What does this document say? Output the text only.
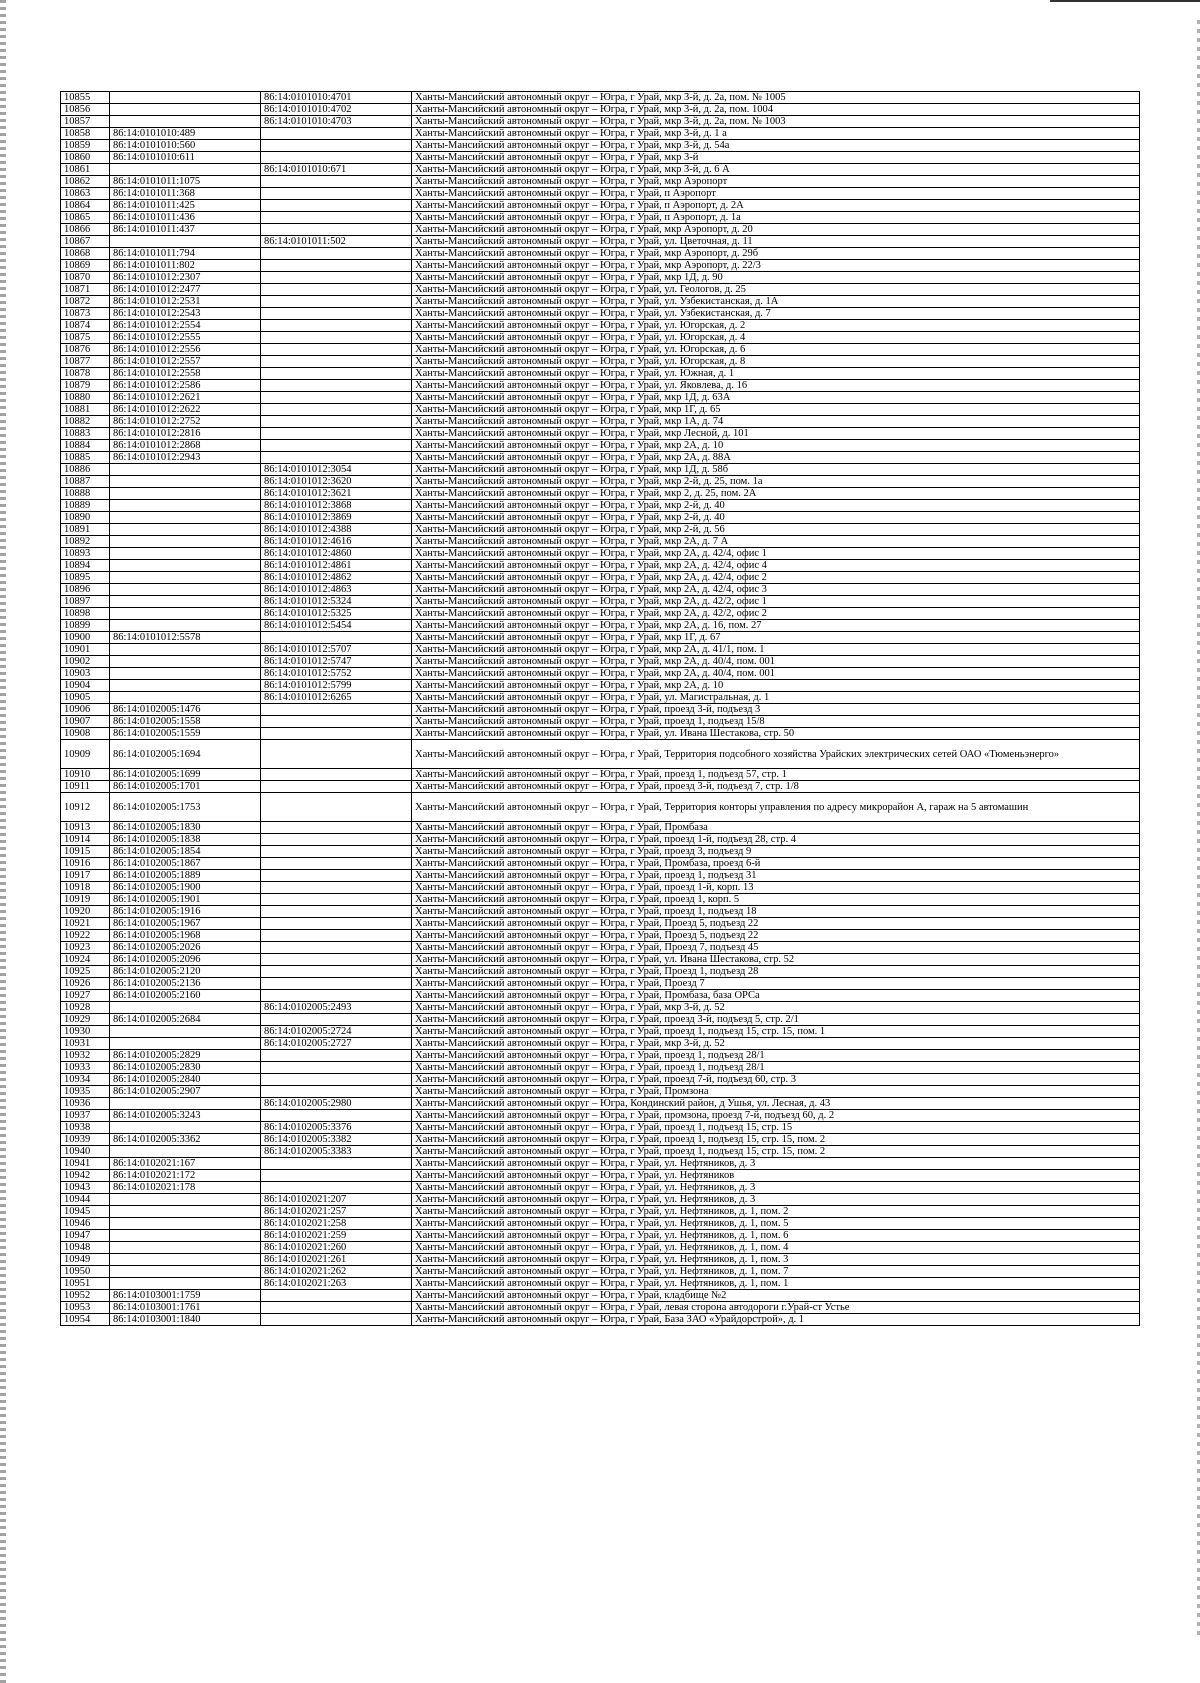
10855		86:14:0101010:4701	Ханты-Мансийский автономный округ – Югра, г Урай, мкр 3-й, д. 2а, пом. № 1005
10856		86:14:0101010:4702	Ханты-Мансийский автономный округ – Югра, г Урай, мкр 3-й, д. 2а, пом. 1004
10857		86:14:0101010:4703	Ханты-Мансийский автономный округ – Югра, г Урай, мкр 3-й, д. 2а, пом. № 1003
10858	86:14:0101010:489		Ханты-Мансийский автономный округ – Югра, г Урай, мкр 3-й, д. 1 а
10859	86:14:0101010:560		Ханты-Мансийский автономный округ – Югра, г Урай, мкр 3-й, д. 54а
10860	86:14:0101010:611		Ханты-Мансийский автономный округ – Югра, г Урай, мкр 3-й
10861		86:14:0101010:671	Ханты-Мансийский автономный округ – Югра, г Урай, мкр 3-й, д. 6 А
10862	86:14:0101011:1075		Ханты-Мансийский автономный округ – Югра, г Урай, мкр Аэропорт
10863	86:14:0101011:368		Ханты-Мансийский автономный округ – Югра, г Урай, п Аэропорт
10864	86:14:0101011:425		Ханты-Мансийский автономный округ – Югра, г Урай, п Аэропорт, д. 2А
10865	86:14:0101011:436		Ханты-Мансийский автономный округ – Югра, г Урай, п Аэропорт, д. 1а
10866	86:14:0101011:437		Ханты-Мансийский автономный округ – Югра, г Урай, мкр Аэропорт, д. 20
10867		86:14:0101011:502	Ханты-Мансийский автономный округ – Югра, г Урай, ул. Цветочная, д. 11
10868	86:14:0101011:794		Ханты-Мансийский автономный округ – Югра, г Урай, мкр Аэропорт, д. 29б
10869	86:14:0101011:802		Ханты-Мансийский автономный округ – Югра, г Урай, мкр Аэропорт, д. 22/3
10870	86:14:0101012:2307		Ханты-Мансийский автономный округ – Югра, г Урай, мкр 1Д, д. 90
10871	86:14:0101012:2477		Ханты-Мансийский автономный округ – Югра, г Урай, ул. Геологов, д. 25
10872	86:14:0101012:2531		Ханты-Мансийский автономный округ – Югра, г Урай, ул. Узбекистанская, д. 1А
10873	86:14:0101012:2543		Ханты-Мансийский автономный округ – Югра, г Урай, ул. Узбекистанская, д. 7
10874	86:14:0101012:2554		Ханты-Мансийский автономный округ – Югра, г Урай, ул. Югорская, д. 2
10875	86:14:0101012:2555		Ханты-Мансийский автономный округ – Югра, г Урай, ул. Югорская, д. 4
10876	86:14:0101012:2556		Ханты-Мансийский автономный округ – Югра, г Урай, ул. Югорская, д. 6
10877	86:14:0101012:2557		Ханты-Мансийский автономный округ – Югра, г Урай, ул. Югорская, д. 8
10878	86:14:0101012:2558		Ханты-Мансийский автономный округ – Югра, г Урай, ул. Южная, д. 1
10879	86:14:0101012:2586		Ханты-Мансийский автономный округ – Югра, г Урай, ул. Яковлева, д. 16
10880	86:14:0101012:2621		Ханты-Мансийский автономный округ – Югра, г Урай, мкр 1Д, д. 63А
10881	86:14:0101012:2622		Ханты-Мансийский автономный округ – Югра, г Урай, мкр 1Г, д. 65
10882	86:14:0101012:2752		Ханты-Мансийский автономный округ – Югра, г Урай, мкр 1А, д. 74
10883	86:14:0101012:2816		Ханты-Мансийский автономный округ – Югра, г Урай, мкр Лесной, д. 101
10884	86:14:0101012:2868		Ханты-Мансийский автономный округ – Югра, г Урай, мкр 2А, д. 10
10885	86:14:0101012:2943		Ханты-Мансийский автономный округ – Югра, г Урай, мкр 2А, д. 88А
10886		86:14:0101012:3054	Ханты-Мансийский автономный округ – Югра, г Урай, мкр 1Д, д. 58б
10887		86:14:0101012:3620	Ханты-Мансийский автономный округ – Югра, г Урай, мкр 2-й, д. 25, пом. 1а
10888		86:14:0101012:3621	Ханты-Мансийский автономный округ – Югра, г Урай, мкр 2, д. 25, пом. 2А
10889		86:14:0101012:3868	Ханты-Мансийский автономный округ – Югра, г Урай, мкр 2-й, д. 40
10890		86:14:0101012:3869	Ханты-Мансийский автономный округ – Югра, г Урай, мкр 2-й, д. 40
10891		86:14:0101012:4388	Ханты-Мансийский автономный округ – Югра, г Урай, мкр 2-й, д. 56
10892		86:14:0101012:4616	Ханты-Мансийский автономный округ – Югра, г Урай, мкр 2А, д. 7 А
10893		86:14:0101012:4860	Ханты-Мансийский автономный округ – Югра, г Урай, мкр 2А, д. 42/4, офис 1
10894		86:14:0101012:4861	Ханты-Мансийский автономный округ – Югра, г Урай, мкр 2А, д. 42/4, офис 4
10895		86:14:0101012:4862	Ханты-Мансийский автономный округ – Югра, г Урай, мкр 2А, д. 42/4, офис 2
10896		86:14:0101012:4863	Ханты-Мансийский автономный округ – Югра, г Урай, мкр 2А, д. 42/4, офис 3
10897		86:14:0101012:5324	Ханты-Мансийский автономный округ – Югра, г Урай, мкр 2А, д. 42/2, офис 1
10898		86:14:0101012:5325	Ханты-Мансийский автономный округ – Югра, г Урай, мкр 2А, д. 42/2, офис 2
10899		86:14:0101012:5454	Ханты-Мансийский автономный округ – Югра, г Урай, мкр 2А, д. 16, пом. 27
10900	86:14:0101012:5578		Ханты-Мансийский автономный округ – Югра, г Урай, мкр 1Г, д. 67
10901		86:14:0101012:5707	Ханты-Мансийский автономный округ – Югра, г Урай, мкр 2А, д. 41/1, пом. 1
10902		86:14:0101012:5747	Ханты-Мансийский автономный округ – Югра, г Урай, мкр 2А, д. 40/4, пом. 001
10903		86:14:0101012:5752	Ханты-Мансийский автономный округ – Югра, г Урай, мкр 2А, д. 40/4, пом. 001
10904		86:14:0101012:5799	Ханты-Мансийский автономный округ – Югра, г Урай, мкр 2А, д. 10
10905		86:14:0101012:6265	Ханты-Мансийский автономный округ – Югра, г Урай, ул. Магистральная, д. 1
10906	86:14:0102005:1476		Ханты-Мансийский автономный округ – Югра, г Урай, проезд 3-й, подъезд 3
10907	86:14:0102005:1558		Ханты-Мансийский автономный округ – Югра, г Урай, проезд 1, подъезд 15/8
10908	86:14:0102005:1559		Ханты-Мансийский автономный округ – Югра, г Урай, ул. Ивана Шестакова, стр. 50
10909	86:14:0102005:1694		Ханты-Мансийский автономный округ – Югра, г Урай, Территория подсобного хозяйства Урайских электрических сетей ОАО «Тюменьэнерго»
10910	86:14:0102005:1699		Ханты-Мансийский автономный округ – Югра, г Урай, проезд 1, подъезд 57, стр. 1
10911	86:14:0102005:1701		Ханты-Мансийский автономный округ – Югра, г Урай, проезд 3-й, подъезд 7, стр. 1/8
10912	86:14:0102005:1753		Ханты-Мансийский автономный округ – Югра, г Урай, Территория конторы управления по адресу микрорайон А, гараж на 5 автомашин
10913	86:14:0102005:1830		Ханты-Мансийский автономный округ – Югра, г Урай, Промбаза
10914	86:14:0102005:1838		Ханты-Мансийский автономный округ – Югра, г Урай, проезд 1-й, подъезд 28, стр. 4
10915	86:14:0102005:1854		Ханты-Мансийский автономный округ – Югра, г Урай, проезд 3, подъезд 9
10916	86:14:0102005:1867		Ханты-Мансийский автономный округ – Югра, г Урай, Промбаза, проезд 6-й
10917	86:14:0102005:1889		Ханты-Мансийский автономный округ – Югра, г Урай, проезд 1, подъезд 31
10918	86:14:0102005:1900		Ханты-Мансийский автономный округ – Югра, г Урай, проезд 1-й, корп. 13
10919	86:14:0102005:1901		Ханты-Мансийский автономный округ – Югра, г Урай, проезд 1, корп. 5
10920	86:14:0102005:1916		Ханты-Мансийский автономный округ – Югра, г Урай, проезд 1, подъезд 18
10921	86:14:0102005:1967		Ханты-Мансийский автономный округ – Югра, г Урай, Проезд 5, подъезд 22
10922	86:14:0102005:1968		Ханты-Мансийский автономный округ – Югра, г Урай, Проезд 5, подъезд 22
10923	86:14:0102005:2026		Ханты-Мансийский автономный округ – Югра, г Урай, Проезд 7, подъезд 45
10924	86:14:0102005:2096		Ханты-Мансийский автономный округ – Югра, г Урай, ул. Ивана Шестакова, стр. 52
10925	86:14:0102005:2120		Ханты-Мансийский автономный округ – Югра, г Урай, Проезд 1, подъезд 28
10926	86:14:0102005:2136		Ханты-Мансийский автономный округ – Югра, г Урай, Проезд 7
10927	86:14:0102005:2160		Ханты-Мансийский автономный округ – Югра, г Урай, Промбаза, база ОРСа
10928		86:14:0102005:2493	Ханты-Мансийский автономный округ – Югра, г Урай, мкр 3-й, д. 52
10929	86:14:0102005:2684		Ханты-Мансийский автономный округ – Югра, г Урай, проезд 3-й, подъезд 5, стр. 2/1
10930		86:14:0102005:2724	Ханты-Мансийский автономный округ – Югра, г Урай, проезд 1, подъезд 15, стр. 15, пом. 1
10931		86:14:0102005:2727	Ханты-Мансийский автономный округ – Югра, г Урай, мкр 3-й, д. 52
10932	86:14:0102005:2829		Ханты-Мансийский автономный округ – Югра, г Урай, проезд 1, подъезд 28/1
10933	86:14:0102005:2830		Ханты-Мансийский автономный округ – Югра, г Урай, проезд 1, подъезд 28/1
10934	86:14:0102005:2840		Ханты-Мансийский автономный округ – Югра, г Урай, проезд 7-й, подъезд 60, стр. 3
10935	86:14:0102005:2907		Ханты-Мансийский автономный округ – Югра, г Урай, Промзона
10936		86:14:0102005:2980	Ханты-Мансийский автономный округ – Югра, Кондинский район, д Ушья, ул. Лесная, д. 43
10937	86:14:0102005:3243		Ханты-Мансийский автономный округ – Югра, г Урай, промзона, проезд 7-й, подъезд 60, д. 2
10938		86:14:0102005:3376	Ханты-Мансийский автономный округ – Югра, г Урай, проезд 1, подъезд 15, стр. 15
10939	86:14:0102005:3362	86:14:0102005:3382	Ханты-Мансийский автономный округ – Югра, г Урай, проезд 1, подъезд 15, стр. 15, пом. 2
10940		86:14:0102005:3383	Ханты-Мансийский автономный округ – Югра, г Урай, проезд 1, подъезд 15, стр. 15, пом. 2
10941	86:14:0102021:167		Ханты-Мансийский автономный округ – Югра, г Урай, ул. Нефтяников, д. 3
10942	86:14:0102021:172		Ханты-Мансийский автономный округ – Югра, г Урай, ул. Нефтяников
10943	86:14:0102021:178		Ханты-Мансийский автономный округ – Югра, г Урай, ул. Нефтяников, д. 3
10944		86:14:0102021:207	Ханты-Мансийский автономный округ – Югра, г Урай, ул. Нефтяников, д. 3
10945		86:14:0102021:257	Ханты-Мансийский автономный округ – Югра, г Урай, ул. Нефтяников, д. 1, пом. 2
10946		86:14:0102021:258	Ханты-Мансийский автономный округ – Югра, г Урай, ул. Нефтяников, д. 1, пом. 5
10947		86:14:0102021:259	Ханты-Мансийский автономный округ – Югра, г Урай, ул. Нефтяников, д. 1, пом. 6
10948		86:14:0102021:260	Ханты-Мансийский автономный округ – Югра, г Урай, ул. Нефтяников, д. 1, пом. 4
10949		86:14:0102021:261	Ханты-Мансийский автономный округ – Югра, г Урай, ул. Нефтяников, д. 1, пом. 3
10950		86:14:0102021:262	Ханты-Мансийский автономный округ – Югра, г Урай, ул. Нефтяников, д. 1, пом. 7
10951		86:14:0102021:263	Ханты-Мансийский автономный округ – Югра, г Урай, ул. Нефтяников, д. 1, пом. 1
10952	86:14:0103001:1759		Ханты-Мансийский автономный округ – Югра, г Урай, кладбище №2
10953	86:14:0103001:1761		Ханты-Мансийский автономный округ – Югра, г Урай, левая сторона автодороги г.Урай-ст Устье
10954	86:14:0103001:1840		Ханты-Мансийский автономный округ – Югра, г Урай, База ЗАО «Урайдорстрой», д. 1
